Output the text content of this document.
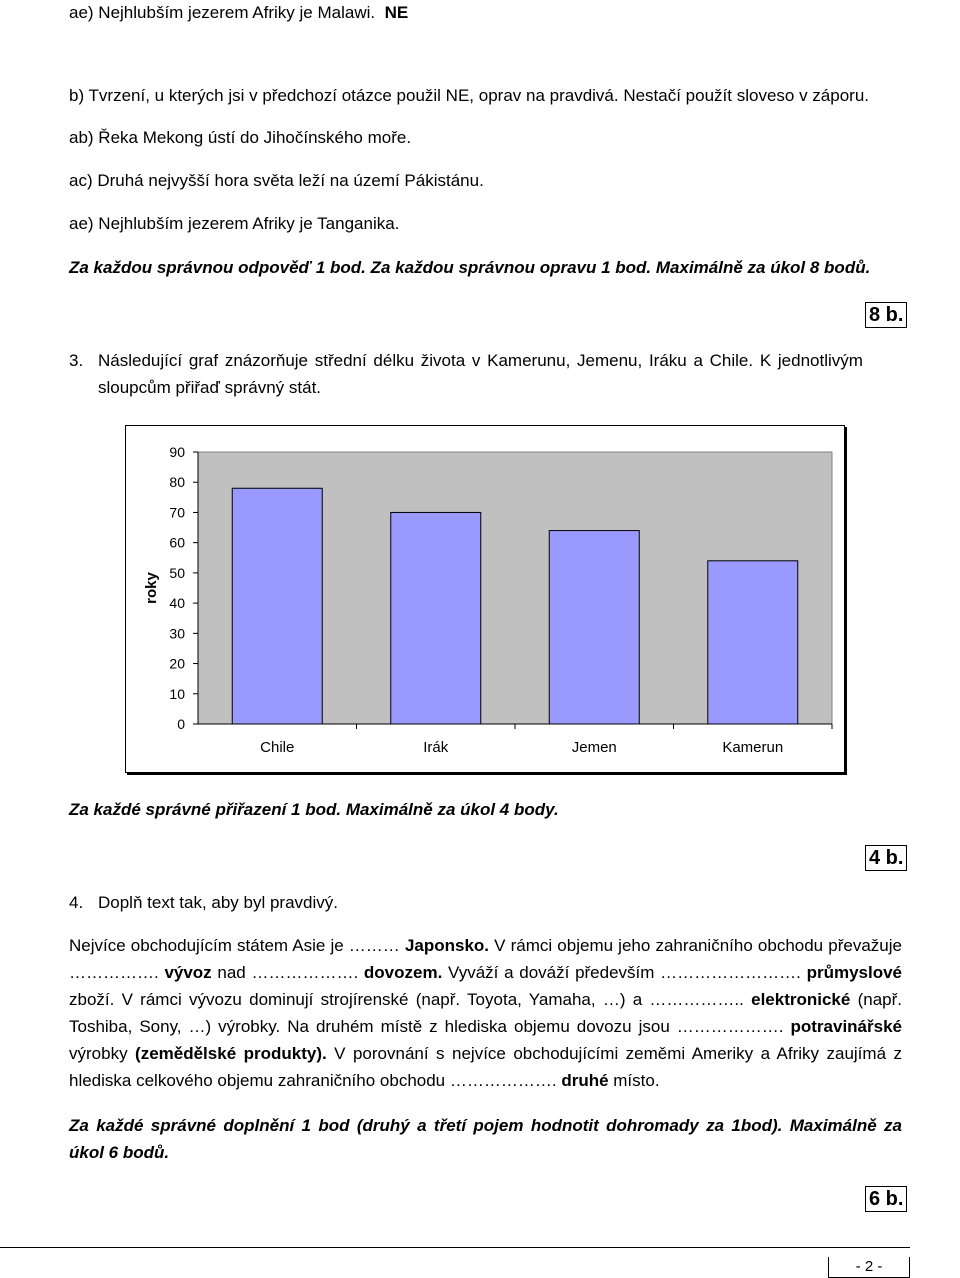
ae) Nejhlubším jezerem Afriky je Malawi. NE
b) Tvrzení, u kterých jsi v předchozí otázce použil NE, oprav na pravdivá. Nestačí použít sloveso v záporu.
ab) Řeka Mekong ústí do Jihočínského moře.
ac) Druhá nejvyšší hora světa leží na území Pákistánu.
ae) Nejhlubším jezerem Afriky je Tanganika.
Za každou správnou odpověď 1 bod. Za každou správnou opravu 1 bod. Maximálně za úkol 8 bodů.
8 b.
3. Následující graf znázorňuje střední délku života v Kamerunu, Jemenu, Iráku a Chile. K jednotlivým
sloupcům přiřaď správný stát.
0
10
20
30
40
50
60
70
80
90
roky
Chile	Irák	Jemen	Kamerun
Za každé správné přiřazení 1 bod. Maximálně za úkol 4 body.
4 b.
4. Doplň text tak, aby byl pravdivý.
Nejvíce obchodujícím státem Asie je ……… Japonsko. V rámci objemu jeho zahraničního obchodu převažuje ……………. vývoz nad ………………. dovozem. Vyváží a dováží především ……………………. průmyslové zboží. V rámci vývozu dominují strojírenské (např. Toyota, Yamaha, …) a …………….. elektronické (např. Toshiba, Sony, …) výrobky. Na druhém místě z hlediska objemu dovozu jsou ………………. potravinářské výrobky (zemědělské produkty). V porovnání s nejvíce obchodujícími zeměmi Ameriky a Afriky zaujímá z hlediska celkového objemu zahraničního obchodu ………………. druhé místo.
Za každé správné doplnění 1 bod (druhý a třetí pojem hodnotit dohromady za 1bod). Maximálně za úkol 6 bodů.
6 b.
- 2 -
